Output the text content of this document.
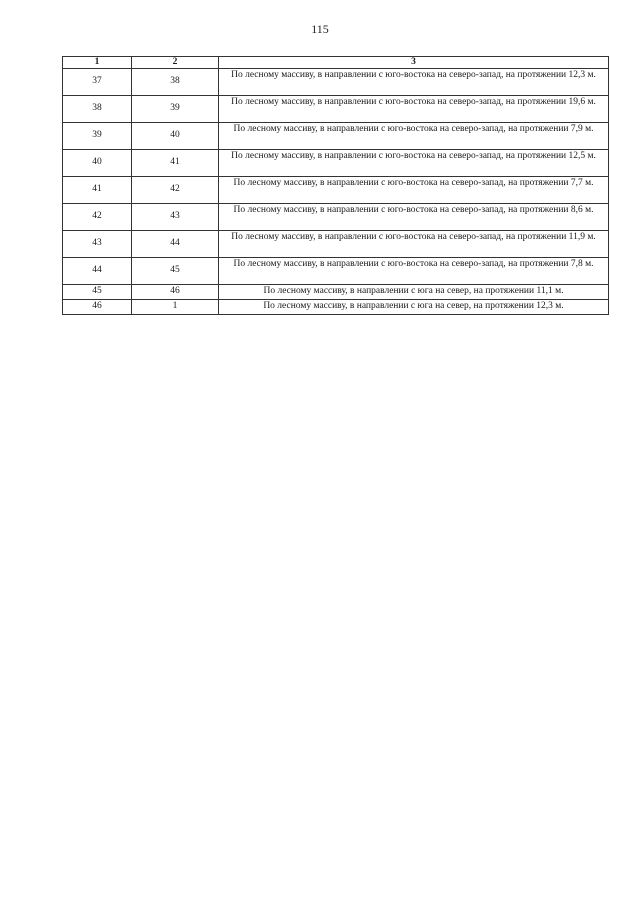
115
1	2	3
37	38	По лесному массиву, в направлении с юго-востока на северо-запад, на протяжении 12,3 м.
38	39	По лесному массиву, в направлении с юго-востока на северо-запад, на протяжении 19,6 м.
39	40	По лесному массиву, в направлении с юго-востока на северо-запад, на протяжении 7,9 м.
40	41	По лесному массиву, в направлении с юго-востока на северо-запад, на протяжении 12,5 м.
41	42	По лесному массиву, в направлении с юго-востока на северо-запад, на протяжении 7,7 м.
42	43	По лесному массиву, в направлении с юго-востока на северо-запад, на протяжении 8,6 м.
43	44	По лесному массиву, в направлении с юго-востока на северо-запад, на протяжении 11,9 м.
44	45	По лесному массиву, в направлении с юго-востока на северо-запад, на протяжении 7,8 м.
45	46	По лесному массиву, в направлении с юга на север, на протяжении 11,1 м.
46	1	По лесному массиву, в направлении с юга на север, на протяжении 12,3 м.
